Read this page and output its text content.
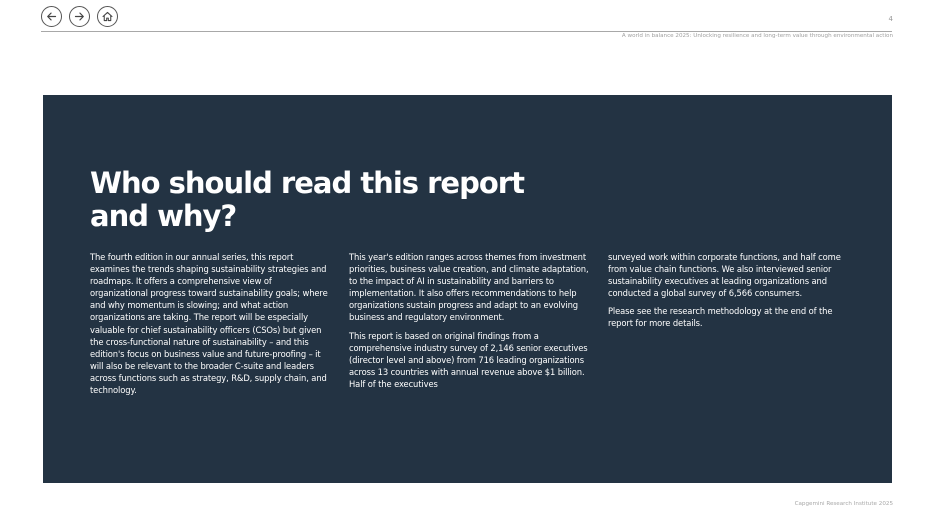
4
A world in balance 2025: Unlocking resilience and long-term value through environmental action
Who should read this report and why?

The fourth edition in our annual series, this report examines the trends shaping sustainability strategies and roadmaps. It offers a comprehensive view of organizational progress toward sustainability goals; where and why momentum is slowing; and what action organizations are taking. The report will be especially valuable for chief sustainability officers (CSOs) but given the cross-functional nature of sustainability – and this edition's focus on business value and future-proofing – it will also be relevant to the broader C-suite and leaders across functions such as strategy, R&D, supply chain, and technology.

This year's edition ranges across themes from investment priorities, business value creation, and climate adaptation, to the impact of AI in sustainability and barriers to implementation. It also offers recommendations to help organizations sustain progress and adapt to an evolving business and regulatory environment.

This report is based on original findings from a comprehensive industry survey of 2,146 senior executives (director level and above) from 716 leading organizations across 13 countries with annual revenue above $1 billion. Half of the executives

surveyed work within corporate functions, and half come from value chain functions. We also interviewed senior sustainability executives at leading organizations and conducted a global survey of 6,566 consumers.

Please see the research methodology at the end of the report for more details.

Capgemini Research Institute 2025
